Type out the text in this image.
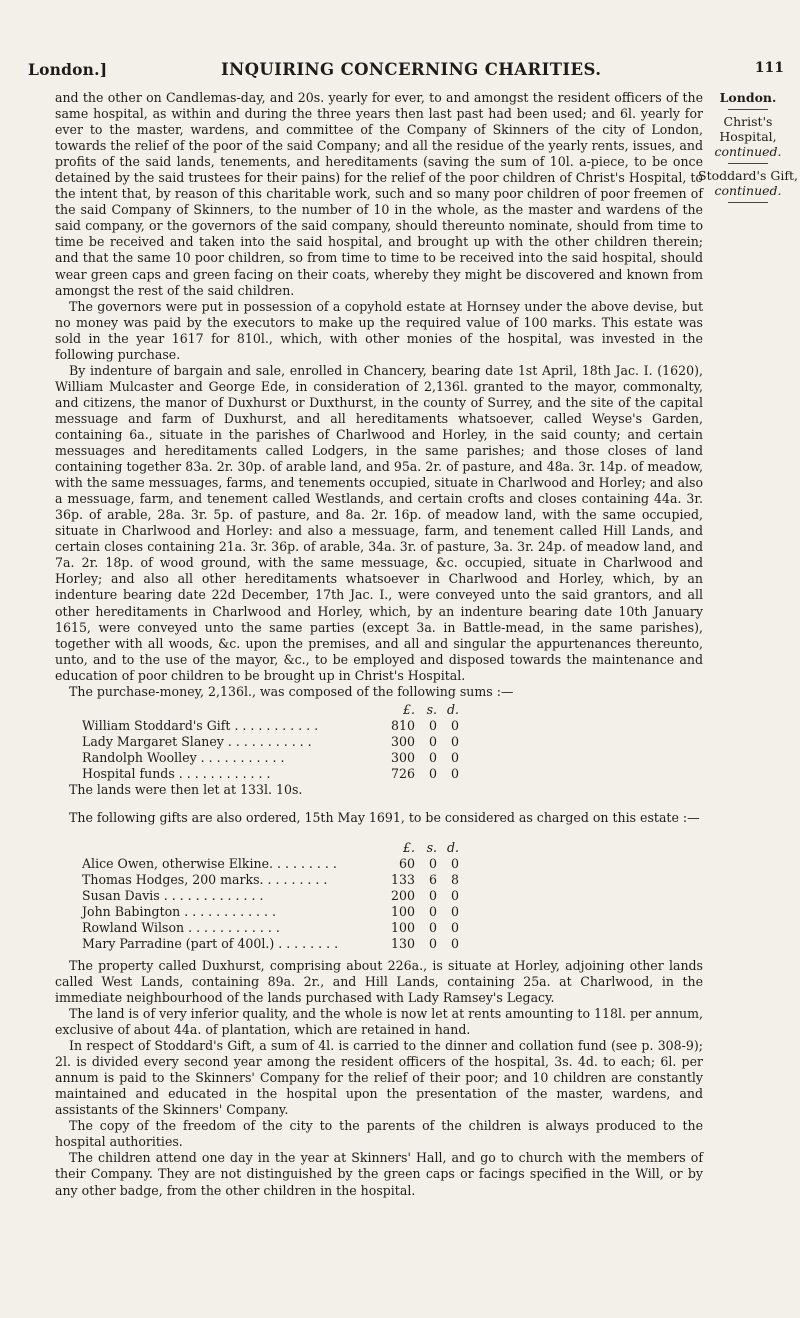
London.]	INQUIRING CONCERNING CHARITIES.	111
London.
Christ's Hospital,
continued.
Stoddard's Gift,
continued.

and the other on Candlemas-day, and 20s. yearly for ever, to and amongst the resident officers of the same hospital, as within and during the three years then last past had been used; and 6l. yearly for ever to the master, wardens, and committee of the Company of Skinners of the city of London, towards the relief of the poor of the said Company; and all the residue of the yearly rents, issues, and profits of the said lands, tenements, and hereditaments (saving the sum of 10l. a-piece, to be once detained by the said trustees for their pains) for the relief of the poor children of Christ's Hospital, to the intent that, by reason of this charitable work, such and so many poor children of poor freemen of the said Company of Skinners, to the number of 10 in the whole, as the master and wardens of the said company, or the governors of the said company, should thereunto nominate, should from time to time be received and taken into the said hospital, and brought up with the other children therein; and that the same 10 poor children, so from time to time to be received into the said hospital, should wear green caps and green facing on their coats, whereby they might be discovered and known from amongst the rest of the said children.

The governors were put in possession of a copyhold estate at Hornsey under the above devise, but no money was paid by the executors to make up the required value of 100 marks. This estate was sold in the year 1617 for 810l., which, with other monies of the hospital, was invested in the following purchase.

By indenture of bargain and sale, enrolled in Chancery, bearing date 1st April, 18th Jac. I. (1620), William Mulcaster and George Ede, in consideration of 2,136l. granted to the mayor, commonalty, and citizens, the manor of Duxhurst or Duxthurst, in the county of Surrey, and the site of the capital messuage and farm of Duxhurst, and all hereditaments whatsoever, called Weyse's Garden, containing 6a., situate in the parishes of Charlwood and Horley, in the said county; and certain messuages and hereditaments called Lodgers, in the same parishes; and those closes of land containing together 83a. 2r. 30p. of arable land, and 95a. 2r. of pasture, and 48a. 3r. 14p. of meadow, with the same messuages, farms, and tenements occupied, situate in Charlwood and Horley; and also a messuage, farm, and tenement called Westlands, and certain crofts and closes containing 44a. 3r. 36p. of arable, 28a. 3r. 5p. of pasture, and 8a. 2r. 16p. of meadow land, with the same occupied, situate in Charlwood and Horley: and also a messuage, farm, and tenement called Hill Lands, and certain closes containing 21a. 3r. 36p. of arable, 34a. 3r. of pasture, 3a. 3r. 24p. of meadow land, and 7a. 2r. 18p. of wood ground, with the same messuage, &c. occupied, situate in Charlwood and Horley; and also all other hereditaments whatsoever in Charlwood and Horley, which, by an indenture bearing date 22d December, 17th Jac. I., were conveyed unto the said grantors, and all other hereditaments in Charlwood and Horley, which, by an indenture bearing date 10th January 1615, were conveyed unto the same parties (except 3a. in Battle-mead, in the same parishes), together with all woods, &c. upon the premises, and all and singular the appurtenances thereunto, unto, and to the use of the mayor, &c., to be employed and disposed towards the maintenance and education of poor children to be brought up in Christ's Hospital.

The purchase-money, 2,136l., was composed of the following sums :—

	£.	s.	d.
William Stoddard's Gift . . . . . . . . . . .	810	0	0
Lady Margaret Slaney . . . . . . . . . . .	300	0	0
Randolph Woolley . . . . . . . . . . .	300	0	0
Hospital funds . . . . . . . . . . . .	726	0	0

The lands were then let at 133l. 10s.

The following gifts are also ordered, 15th May 1691, to be considered as charged on this estate :—

	£.	s.	d.
Alice Owen, otherwise Elkine. . . . . . . . .	60	0	0
Thomas Hodges, 200 marks. . . . . . . . .	133	6	8
Susan Davis . . . . . . . . . . . . .	200	0	0
John Babington . . . . . . . . . . . .	100	0	0
Rowland Wilson . . . . . . . . . . . .	100	0	0
Mary Parradine (part of 400l.) . . . . . . . .	130	0	0

The property called Duxhurst, comprising about 226a., is situate at Horley, adjoining other lands called West Lands, containing 89a. 2r., and Hill Lands, containing 25a. at Charlwood, in the immediate neighbourhood of the lands purchased with Lady Ramsey's Legacy.

The land is of very inferior quality, and the whole is now let at rents amounting to 118l. per annum, exclusive of about 44a. of plantation, which are retained in hand.

In respect of Stoddard's Gift, a sum of 4l. is carried to the dinner and collation fund (see p. 308-9); 2l. is divided every second year among the resident officers of the hospital, 3s. 4d. to each; 6l. per annum is paid to the Skinners' Company for the relief of their poor; and 10 children are constantly maintained and educated in the hospital upon the presentation of the master, wardens, and assistants of the Skinners' Company.

The copy of the freedom of the city to the parents of the children is always produced to the hospital authorities.

The children attend one day in the year at Skinners' Hall, and go to church with the members of their Company. They are not distinguished by the green caps or facings specified in the Will, or by any other badge, from the other children in the hospital.
